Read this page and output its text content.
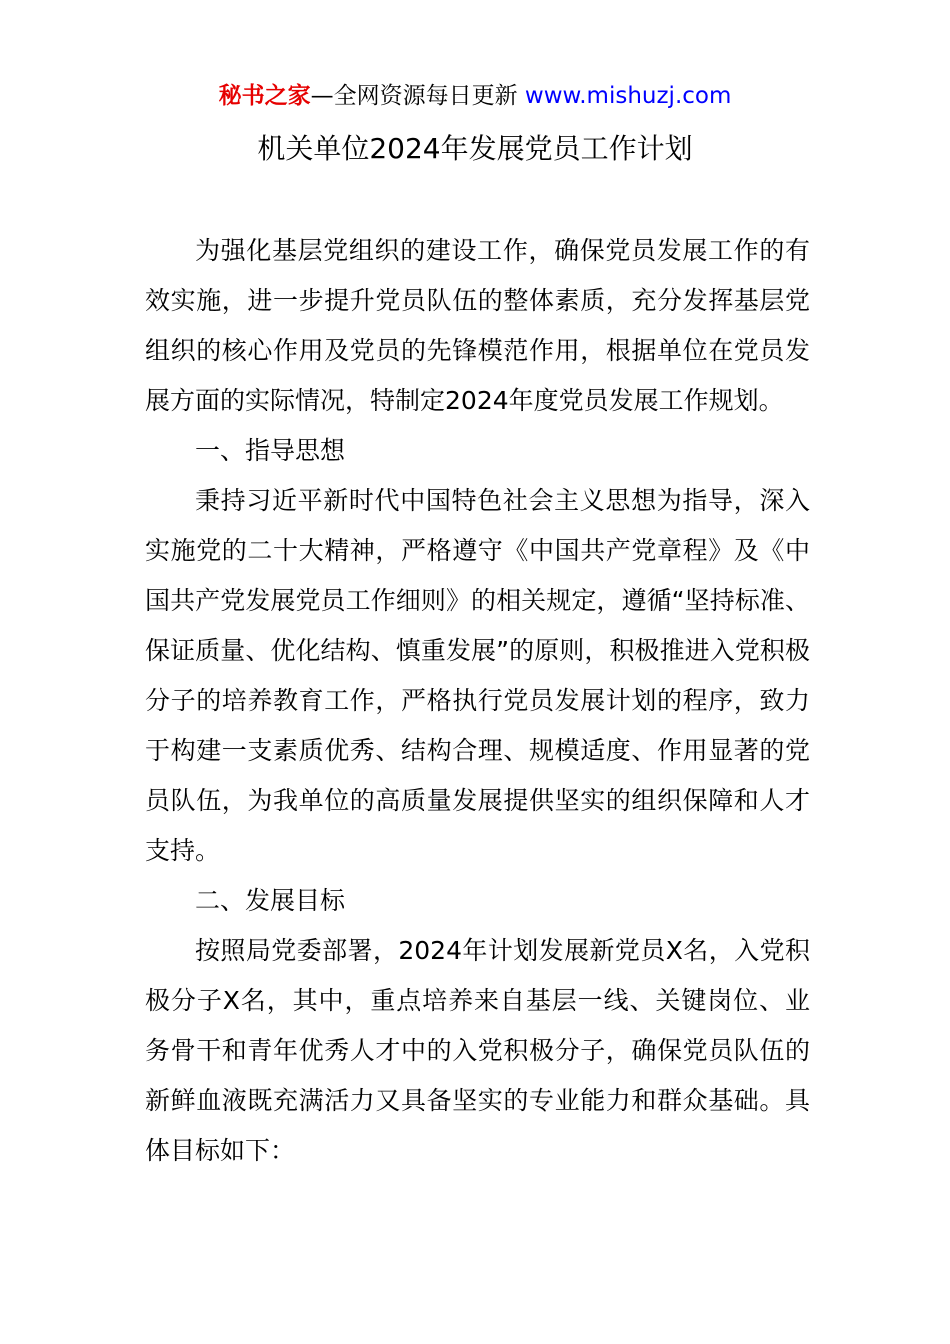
秘书之家—全网资源每日更新 www.mishuzj.com
机关单位2024年发展党员工作计划

为强化基层党组织的建设工作，确保党员发展工作的有效实施，进一步提升党员队伍的整体素质，充分发挥基层党组织的核心作用及党员的先锋模范作用，根据单位在党员发展方面的实际情况，特制定2024年度党员发展工作规划。

一、指导思想

秉持习近平新时代中国特色社会主义思想为指导，深入实施党的二十大精神，严格遵守《中国共产党章程》及《中国共产党发展党员工作细则》的相关规定，遵循“坚持标准、保证质量、优化结构、慎重发展”的原则，积极推进入党积极分子的培养教育工作，严格执行党员发展计划的程序，致力于构建一支素质优秀、结构合理、规模适度、作用显著的党员队伍，为我单位的高质量发展提供坚实的组织保障和人才支持。

二、发展目标

按照局党委部署，2024年计划发展新党员X名，入党积极分子X名，其中，重点培养来自基层一线、关键岗位、业务骨干和青年优秀人才中的入党积极分子，确保党员队伍的新鲜血液既充满活力又具备坚实的专业能力和群众基础。具体目标如下：
